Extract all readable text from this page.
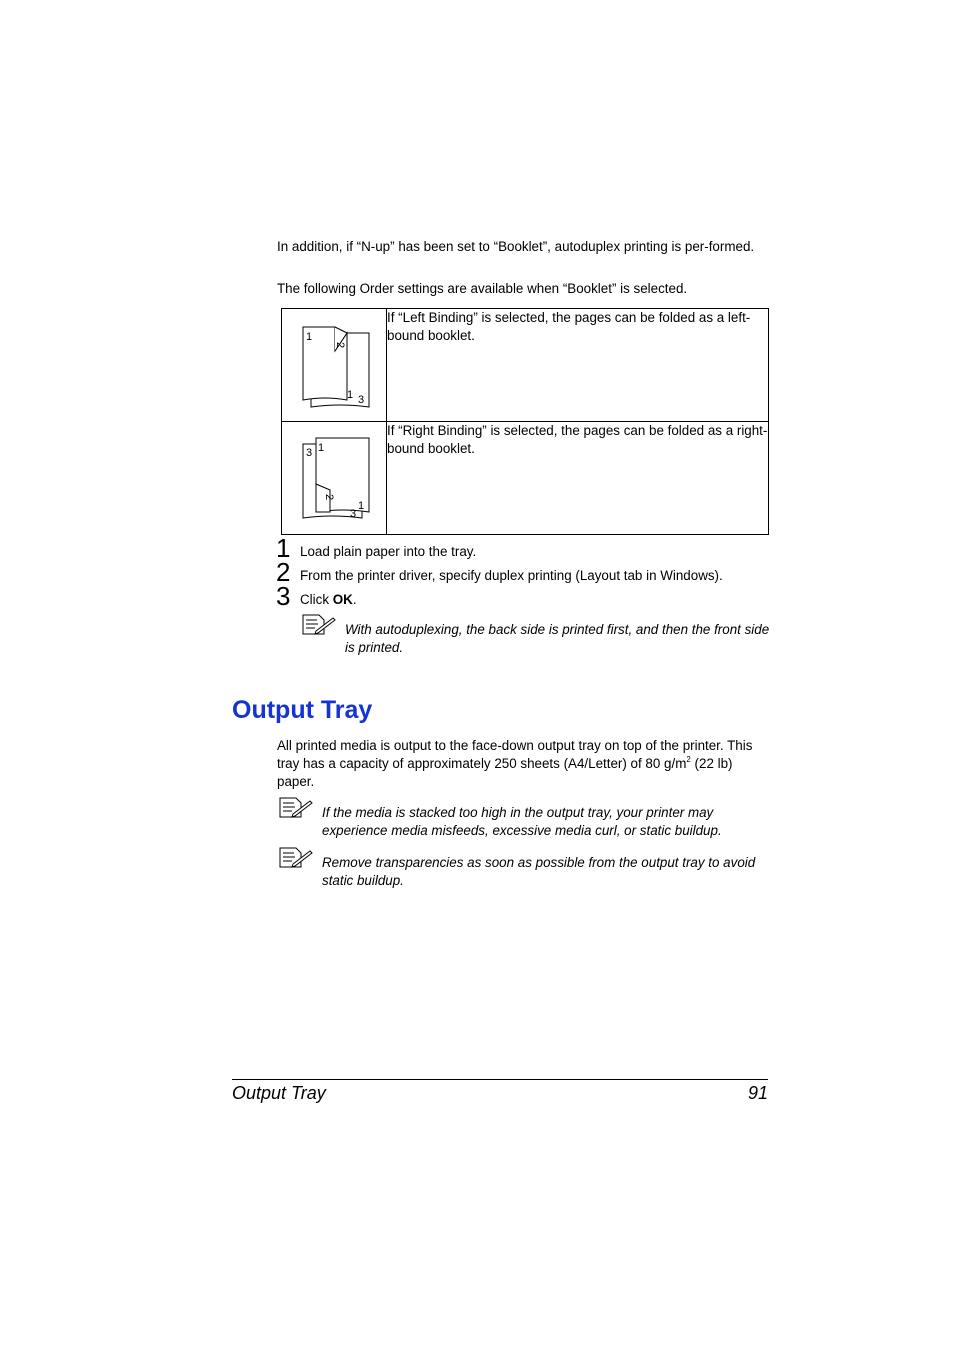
In addition, if “N-up” has been set to “Booklet”, autoduplex printing is per-formed.

The following Order settings are available when “Booklet” is selected.

1
2
1 3	If “Left Binding” is selected, the pages can be folded as a left-bound booklet.

3 1
2
1
3	If “Right Binding” is selected, the pages can be folded as a right-bound booklet.
1 Load plain paper into the tray.
2 From the printer driver, specify duplex printing (Layout tab in Windows).
3 Click OK.

With autoduplexing, the back side is printed first, and then the front side is printed.

Output Tray

All printed media is output to the face-down output tray on top of the printer. This tray has a capacity of approximately 250 sheets (A4/Letter) of 80 $g/m^2$ (22 lb) paper.

If the media is stacked too high in the output tray, your printer may experience media misfeeds, excessive media curl, or static buildup.

Remove transparencies as soon as possible from the output tray to avoid static buildup.

Output Tray	91
